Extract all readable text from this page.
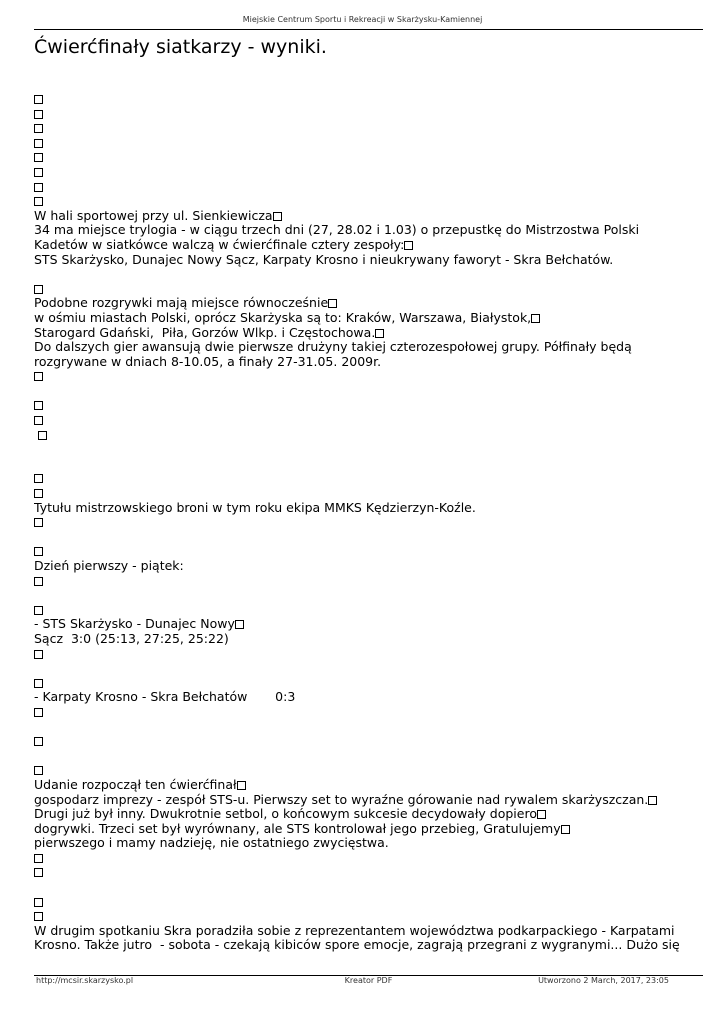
Miejskie Centrum Sportu i Rekreacji w Skarżysku-Kamiennej
Ćwierćfinały siatkarzy - wyniki.
W hali sportowej przy ul. Sienkiewicza
34 ma miejsce trylogia - w ciągu trzech dni (27, 28.02 i 1.03) o przepustkę do Mistrzostwa Polski
Kadetów w siatkówce walczą w ćwierćfinale cztery zespoły:
STS Skarżysko, Dunajec Nowy Sącz, Karpaty Krosno i nieukrywany faworyt - Skra Bełchatów.
Podobne rozgrywki mają miejsce równocześnie
w ośmiu miastach Polski, oprócz Skarżyska są to: Kraków, Warszawa, Białystok,
Starogard Gdański,  Piła, Gorzów Wlkp. i Częstochowa.
Do dalszych gier awansują dwie pierwsze drużyny takiej czterozespołowej grupy. Półfinały będą
rozgrywane w dniach 8-10.05, a finały 27-31.05. 2009r.

Tytułu mistrzowskiego broni w tym roku ekipa MMKS Kędzierzyn-Koźle.
Dzień pierwszy - piątek:
- STS Skarżysko - Dunajec Nowy
Sącz  3:0 (25:13, 27:25, 25:22)
- Karpaty Krosno - Skra Bełchatów       0:3
Udanie rozpoczął ten ćwierćfinał
gospodarz imprezy - zespół STS-u. Pierwszy set to wyraźne górowanie nad rywalem skarżyszczan.
Drugi już był inny. Dwukrotnie setbol, o końcowym sukcesie decydowały dopiero
dogrywki. Trzeci set był wyrównany, ale STS kontrolował jego przebieg, Gratulujemy
pierwszego i mamy nadzieję, nie ostatniego zwycięstwa.
W drugim spotkaniu Skra poradziła sobie z reprezentantem województwa podkarpackiego - Karpatami
Krosno. Także jutro  - sobota - czekają kibiców spore emocje, zagrają przegrani z wygranymi... Dużo się
http://mcsir.skarzysko.pl	Kreator PDF	Utworzono 2 March, 2017, 23:05
